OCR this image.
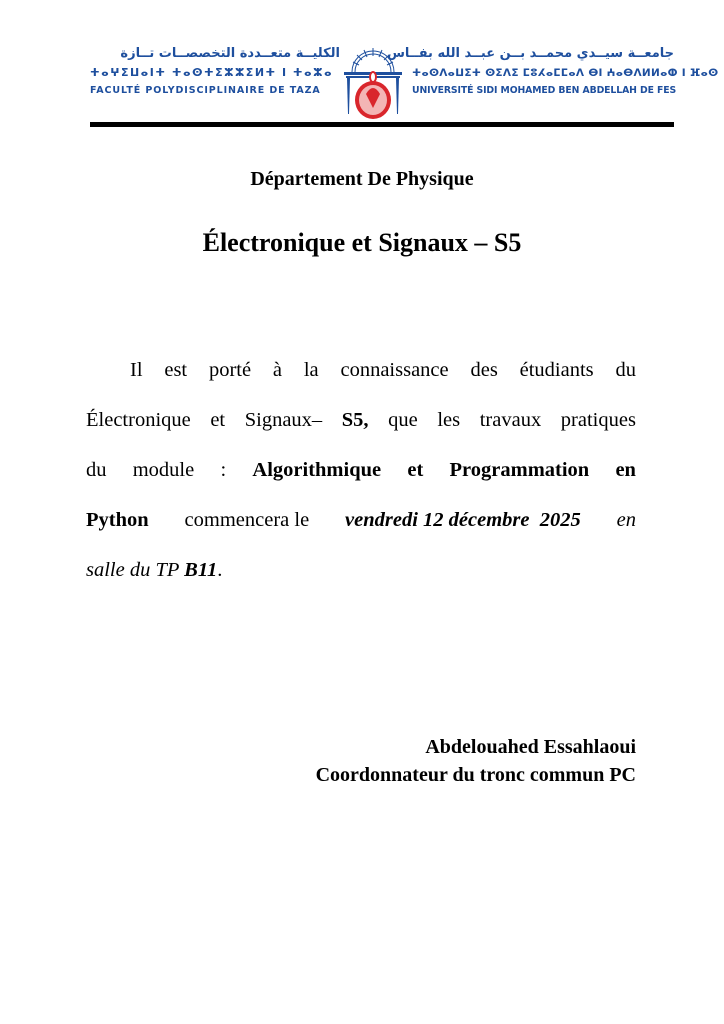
الكليــة متعــددة التخصصــات تــازة
ⵜⴰⵖⵉⵡⴰⵏⵜ ⵜⴰⵙⵜⵉⵣⵣⵉⵍⵜ ⵏ ⵜⴰⵣⴰ
FACULTÉ POLYDISCIPLINAIRE DE TAZA
جامعــة سيــدي محمــد بــن عبــد الله بفــاس
ⵜⴰⵙⴷⴰⵡⵉⵜ ⵙⵉⴷⵉ ⵎⵓⵃⴰⵎⵎⴰⴷ ⴱⵏ ⵄⴰⴱⴷⵍⵍⴰⵀ ⵏ ⴼⴰⵙ
UNIVERSITÉ SIDI MOHAMED BEN ABDELLAH DE FES
Département De Physique
Électronique et Signaux – S5
Il est porté à la connaissance des étudiants du
Électronique et Signaux– S5, que les travaux pratiques
du module : Algorithmique et Programmation en
Python commencera le vendredi 12 décembre  2025 en
salle du TP B11 .
Abdelouahed Essahlaoui
Coordonnateur du tronc commun PC
